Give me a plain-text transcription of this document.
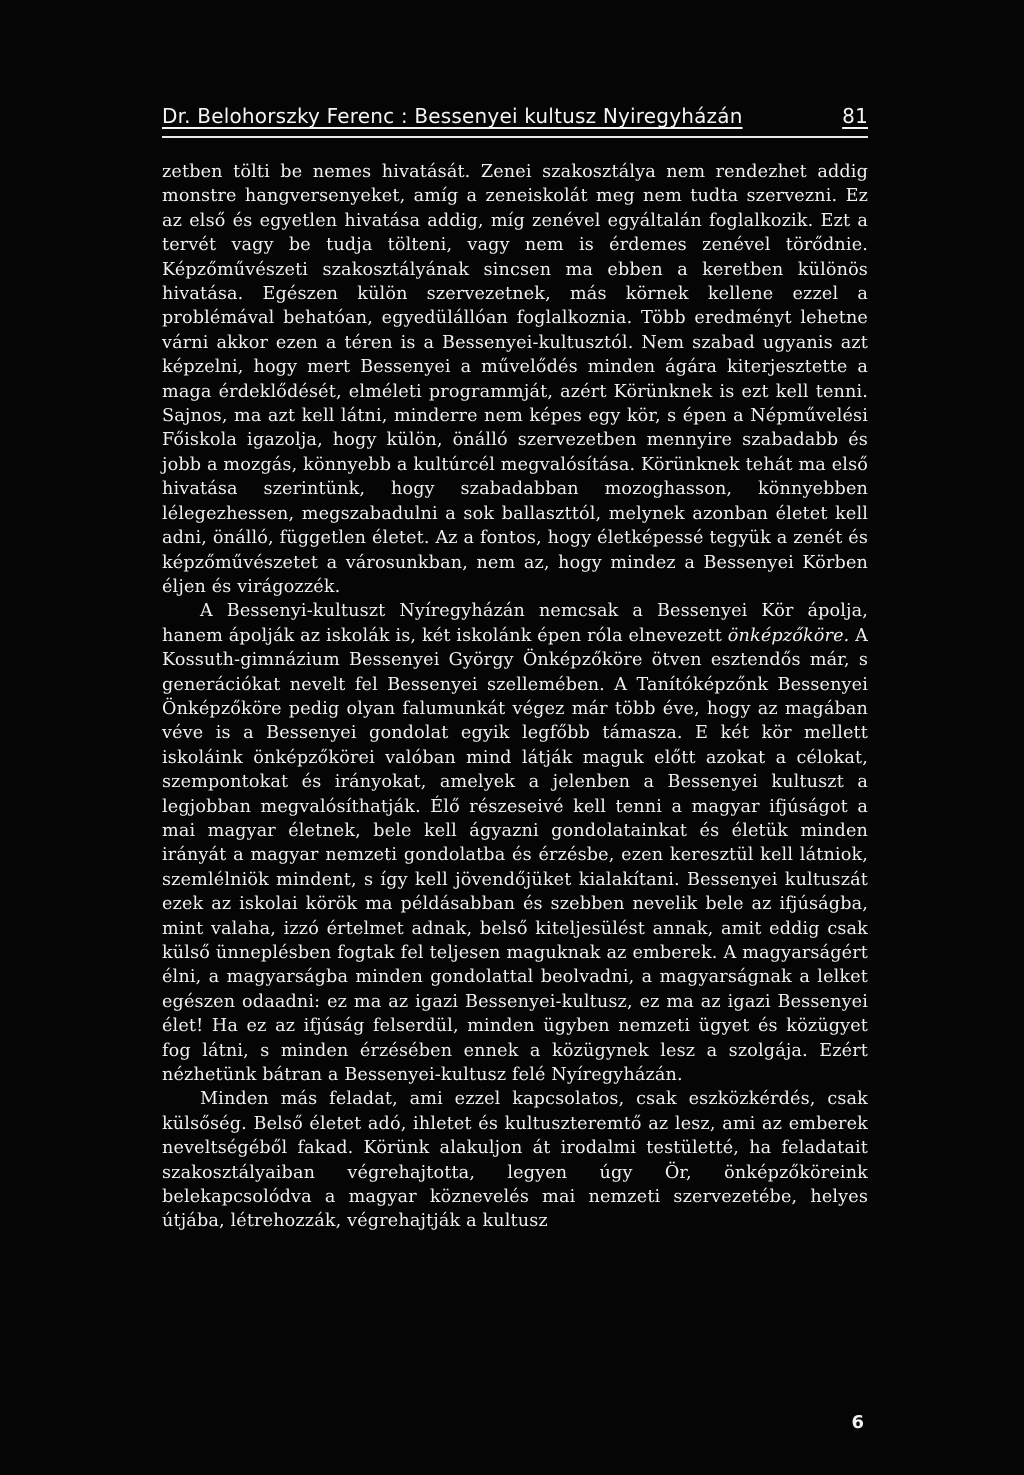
Dr. Belohorszky Ferenc : Bessenyei kultusz Nyiregyházán	81

zetben tölti be nemes hivatását. Zenei szakosztálya nem rendezhet addig monstre hangversenyeket, amíg a zeneiskolát meg nem tudta szervezni. Ez az első és egyetlen hivatása addig, míg zenével egyáltalán foglalkozik. Ezt a tervét vagy be tudja tölteni, vagy nem is érdemes zenével törődnie. Képzőművészeti szakosztályának sincsen ma ebben a keretben különös hivatása. Egészen külön szervezetnek, más körnek kellene ezzel a problémával behatóan, egyedülállóan foglalkoznia. Több eredményt lehetne várni akkor ezen a téren is a Bessenyei-kultusztól. Nem szabad ugyanis azt képzelni, hogy mert Bessenyei a művelődés minden ágára kiterjesztette a maga érdeklődését, elméleti programmját, azért Körünknek is ezt kell tenni. Sajnos, ma azt kell látni, minderre nem képes egy kör, s épen a Népművelési Főiskola igazolja, hogy külön, önálló szervezetben mennyire szabadabb és jobb a mozgás, könnyebb a kultúrcél megvalósítása. Körünknek tehát ma első hivatása szerintünk, hogy szabadabban mozoghasson, könnyebben lélegezhessen, megszabadulni a sok ballaszttól, melynek azonban életet kell adni, önálló, független életet. Az a fontos, hogy életképessé tegyük a zenét és képzőművészetet a városunkban, nem az, hogy mindez a Bessenyei Körben éljen és virágozzék.

A Bessenyi-kultuszt Nyíregyházán nemcsak a Bessenyei Kör ápolja, hanem ápolják az iskolák is, két iskolánk épen róla elnevezett önképzőköre. A Kossuth-gimnázium Bessenyei György Önképzőköre ötven esztendős már, s generációkat nevelt fel Bessenyei szellemében. A Tanítóképzőnk Bessenyei Önképzőköre pedig olyan falumunkát végez már több éve, hogy az magában véve is a Bessenyei gondolat egyik legfőbb támasza. E két kör mellett iskoláink önképzőkörei valóban mind látják maguk előtt azokat a célokat, szempontokat és irányokat, amelyek a jelenben a Bessenyei kultuszt a legjobban megvalósíthatják. Élő részeseivé kell tenni a magyar ifjúságot a mai magyar életnek, bele kell ágyazni gondolatainkat és életük minden irányát a magyar nemzeti gondolatba és érzésbe, ezen keresztül kell látniok, szemlélniök mindent, s így kell jövendőjüket kialakítani. Bessenyei kultuszát ezek az iskolai körök ma példásabban és szebben nevelik bele az ifjúságba, mint valaha, izzó értelmet adnak, belső kiteljesülést annak, amit eddig csak külső ünneplésben fogtak fel teljesen maguknak az emberek. A magyarságért élni, a magyarságba minden gondolattal beolvadni, a magyarságnak a lelket egészen odaadni: ez ma az igazi Bessenyei-kultusz, ez ma az igazi Bessenyei élet! Ha ez az ifjúság felserdül, minden ügyben nemzeti ügyet és közügyet fog látni, s minden érzésében ennek a közügynek lesz a szolgája. Ezért nézhetünk bátran a Bessenyei-kultusz felé Nyíregyházán.

Minden más feladat, ami ezzel kapcsolatos, csak eszközkérdés, csak külsőség. Belső életet adó, ihletet és kultuszteremtő az lesz, ami az emberek neveltségéből fakad. Körünk alakuljon át irodalmi testületté, ha feladatait szakosztályaiban végrehajtotta, legyen úgy Ör, önképzőköreink belekapcsolódva a magyar köznevelés mai nemzeti szervezetébe, helyes útjába, létrehozzák, végrehajtják a kultusz

6
